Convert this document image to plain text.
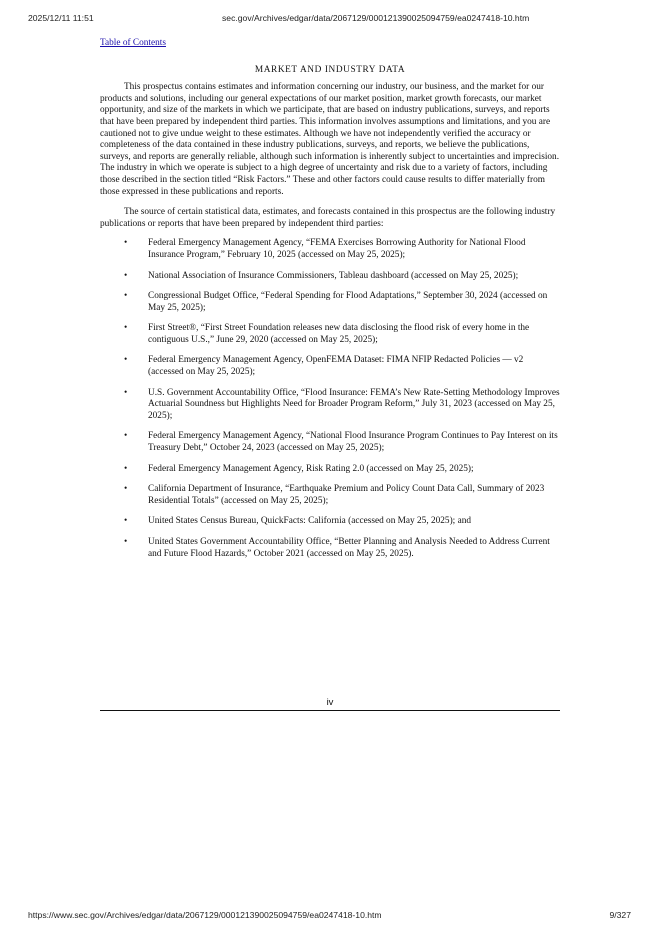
2025/12/11 11:51	sec.gov/Archives/edgar/data/2067129/000121390025094759/ea0247418-10.htm
Table of Contents
MARKET AND INDUSTRY DATA

This prospectus contains estimates and information concerning our industry, our business, and the market for our products and solutions, including our general expectations of our market position, market growth forecasts, our market opportunity, and size of the markets in which we participate, that are based on industry publications, surveys, and reports that have been prepared by independent third parties. This information involves assumptions and limitations, and you are cautioned not to give undue weight to these estimates. Although we have not independently verified the accuracy or completeness of the data contained in these industry publications, surveys, and reports, we believe the publications, surveys, and reports are generally reliable, although such information is inherently subject to uncertainties and imprecision. The industry in which we operate is subject to a high degree of uncertainty and risk due to a variety of factors, including those described in the section titled “Risk Factors.” These and other factors could cause results to differ materially from those expressed in these publications and reports.

The source of certain statistical data, estimates, and forecasts contained in this prospectus are the following industry publications or reports that have been prepared by independent third parties:

• Federal Emergency Management Agency, “FEMA Exercises Borrowing Authority for National Flood Insurance Program,” February 10, 2025 (accessed on May 25, 2025);
• National Association of Insurance Commissioners, Tableau dashboard (accessed on May 25, 2025);
• Congressional Budget Office, “Federal Spending for Flood Adaptations,” September 30, 2024 (accessed on May 25, 2025);
• First Street®, “First Street Foundation releases new data disclosing the flood risk of every home in the contiguous U.S.,” June 29, 2020 (accessed on May 25, 2025);
• Federal Emergency Management Agency, OpenFEMA Dataset: FIMA NFIP Redacted Policies — v2 (accessed on May 25, 2025);
• U.S. Government Accountability Office, “Flood Insurance: FEMA’s New Rate-Setting Methodology Improves Actuarial Soundness but Highlights Need for Broader Program Reform,” July 31, 2023 (accessed on May 25, 2025);
• Federal Emergency Management Agency, “National Flood Insurance Program Continues to Pay Interest on its Treasury Debt,” October 24, 2023 (accessed on May 25, 2025);
• Federal Emergency Management Agency, Risk Rating 2.0 (accessed on May 25, 2025);
• California Department of Insurance, “Earthquake Premium and Policy Count Data Call, Summary of 2023 Residential Totals” (accessed on May 25, 2025);
• United States Census Bureau, QuickFacts: California (accessed on May 25, 2025); and
• United States Government Accountability Office, “Better Planning and Analysis Needed to Address Current and Future Flood Hazards,” October 2021 (accessed on May 25, 2025).
iv
https://www.sec.gov/Archives/edgar/data/2067129/000121390025094759/ea0247418-10.htm	9/327
